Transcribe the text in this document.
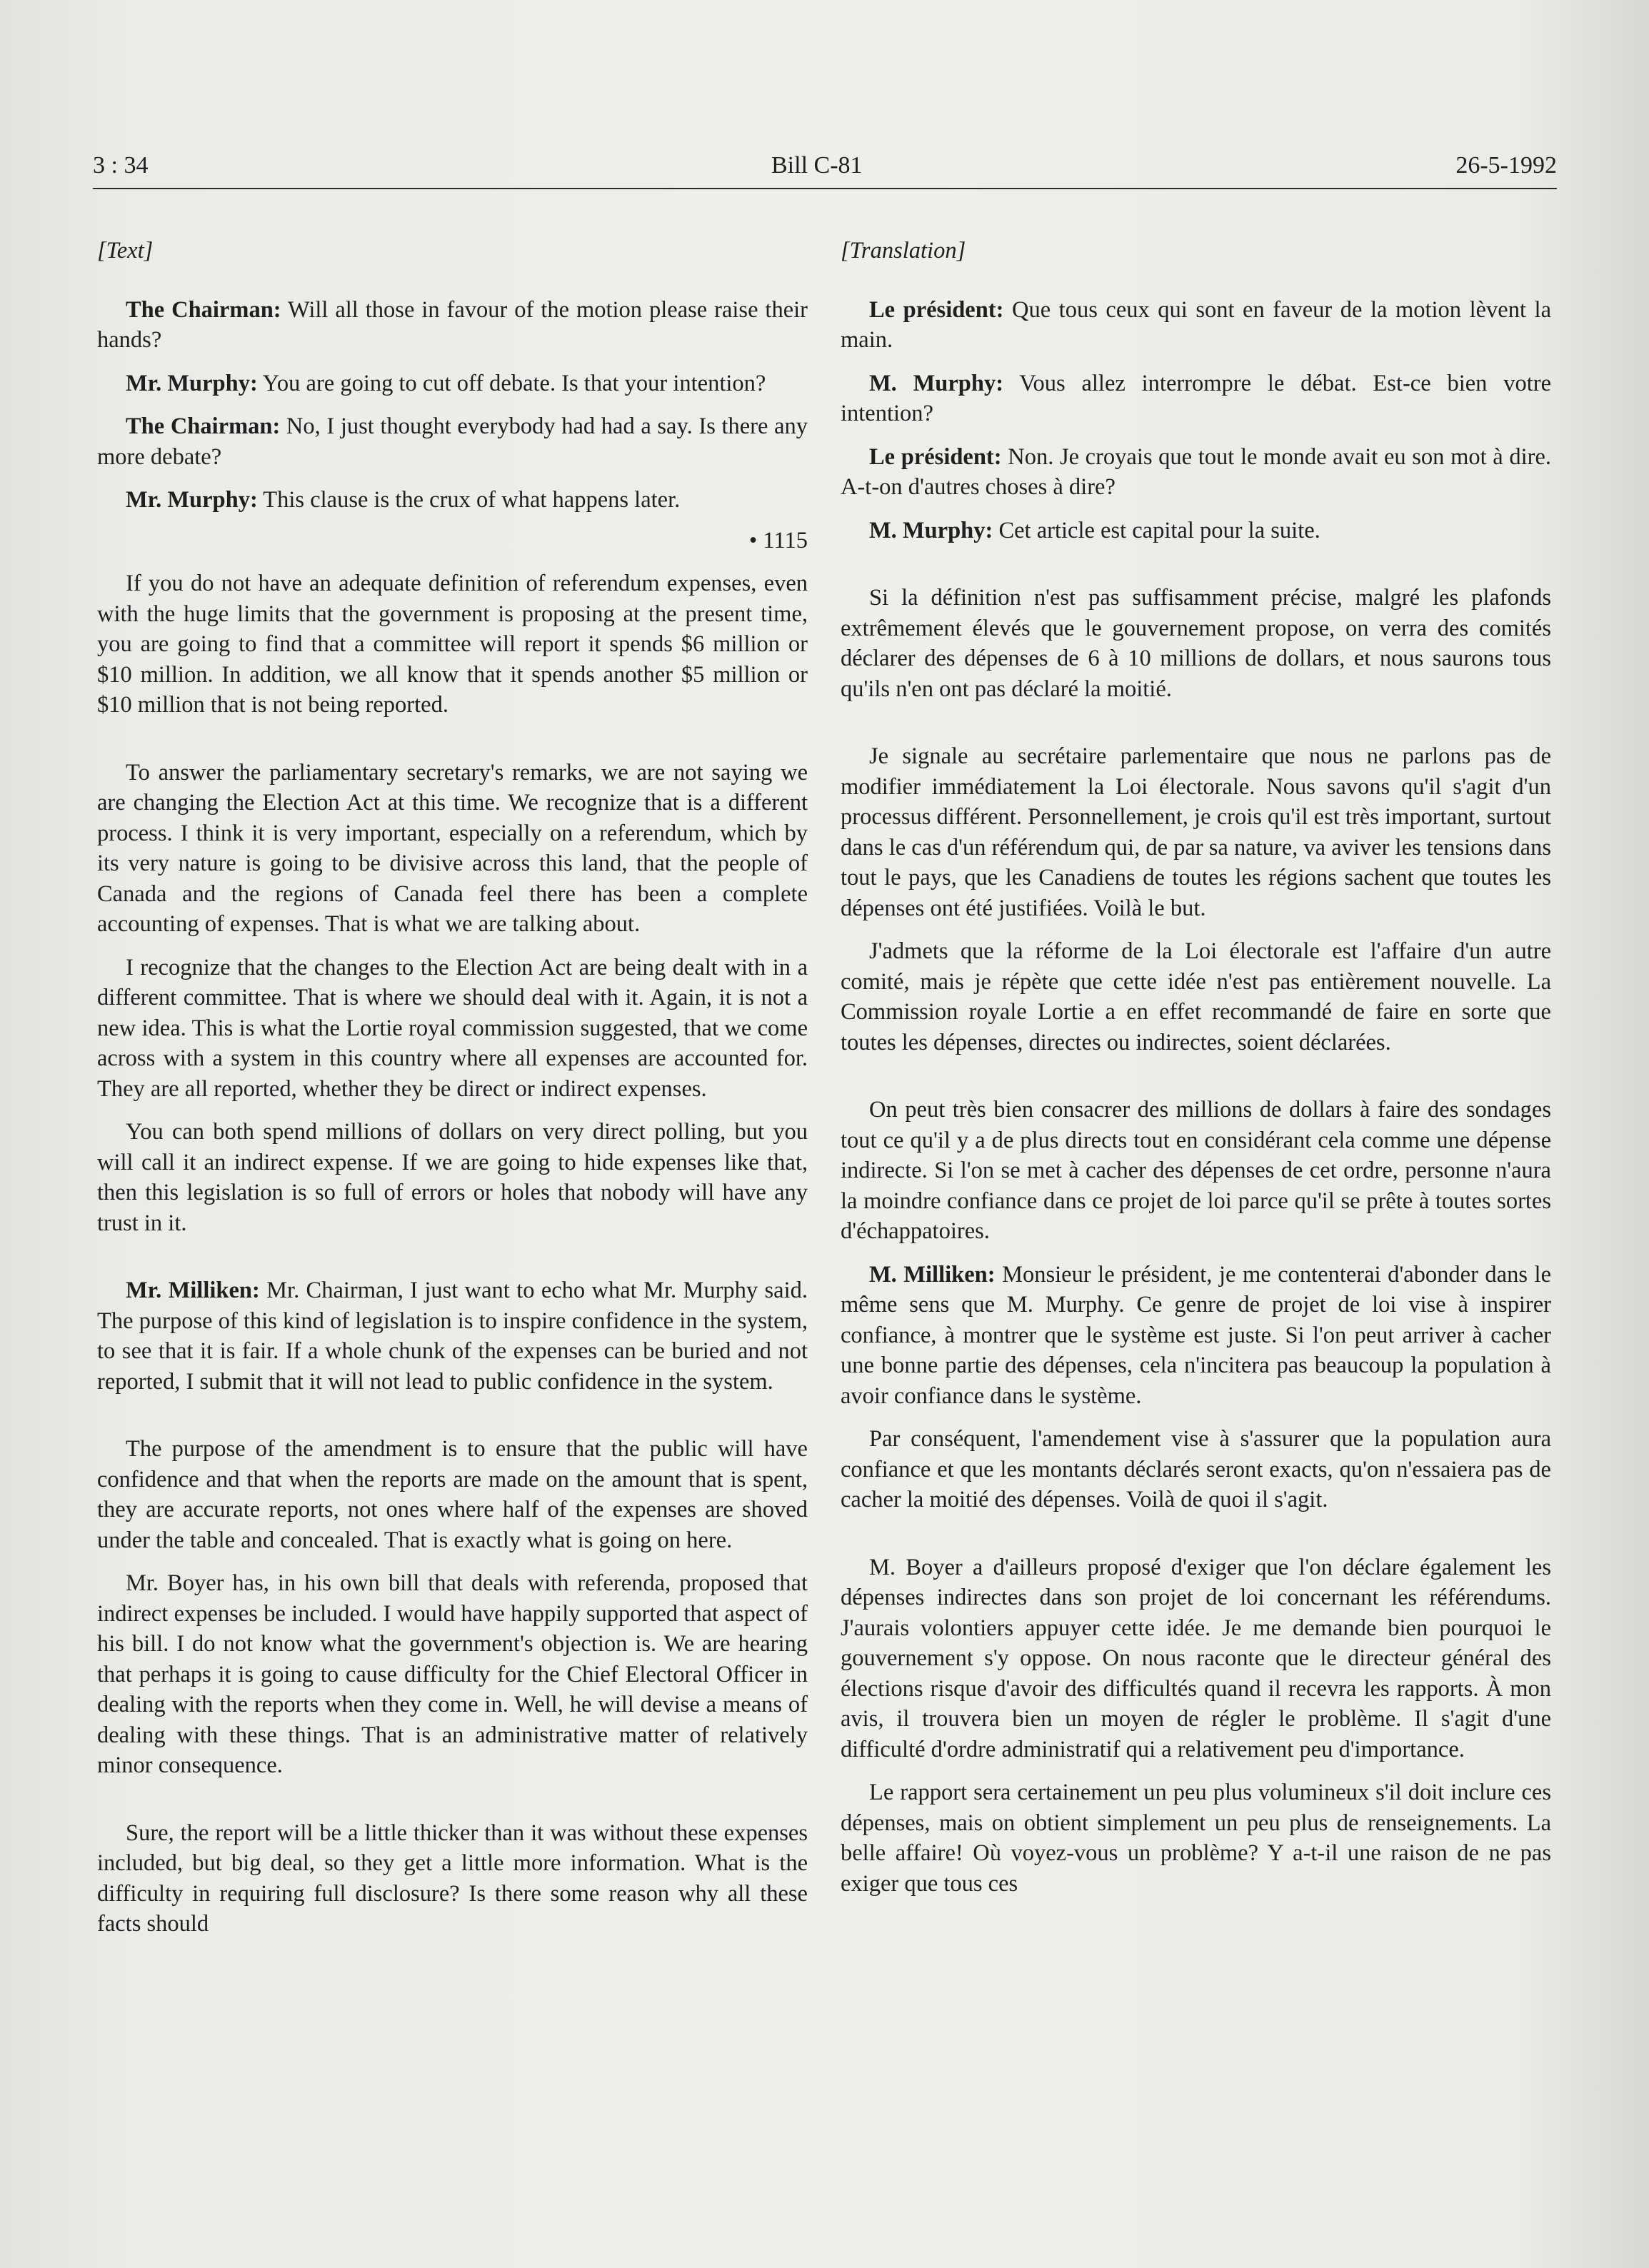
3 : 34	Bill C-81	26-5-1992
[Text]

The Chairman: Will all those in favour of the motion please raise their hands?

Mr. Murphy: You are going to cut off debate. Is that your intention?

The Chairman: No, I just thought everybody had had a say. Is there any more debate?

Mr. Murphy: This clause is the crux of what happens later.

• 1115

If you do not have an adequate definition of referendum expenses, even with the huge limits that the government is proposing at the present time, you are going to find that a committee will report it spends $6 million or $10 million. In addition, we all know that it spends another $5 million or $10 million that is not being reported.

To answer the parliamentary secretary's remarks, we are not saying we are changing the Election Act at this time. We recognize that is a different process. I think it is very important, especially on a referendum, which by its very nature is going to be divisive across this land, that the people of Canada and the regions of Canada feel there has been a complete accounting of expenses. That is what we are talking about.

I recognize that the changes to the Election Act are being dealt with in a different committee. That is where we should deal with it. Again, it is not a new idea. This is what the Lortie royal commission suggested, that we come across with a system in this country where all expenses are accounted for. They are all reported, whether they be direct or indirect expenses.

You can both spend millions of dollars on very direct polling, but you will call it an indirect expense. If we are going to hide expenses like that, then this legislation is so full of errors or holes that nobody will have any trust in it.

Mr. Milliken: Mr. Chairman, I just want to echo what Mr. Murphy said. The purpose of this kind of legislation is to inspire confidence in the system, to see that it is fair. If a whole chunk of the expenses can be buried and not reported, I submit that it will not lead to public confidence in the system.

The purpose of the amendment is to ensure that the public will have confidence and that when the reports are made on the amount that is spent, they are accurate reports, not ones where half of the expenses are shoved under the table and concealed. That is exactly what is going on here.

Mr. Boyer has, in his own bill that deals with referenda, proposed that indirect expenses be included. I would have happily supported that aspect of his bill. I do not know what the government's objection is. We are hearing that perhaps it is going to cause difficulty for the Chief Electoral Officer in dealing with the reports when they come in. Well, he will devise a means of dealing with these things. That is an administrative matter of relatively minor consequence.

Sure, the report will be a little thicker than it was without these expenses included, but big deal, so they get a little more information. What is the difficulty in requiring full disclosure? Is there some reason why all these facts should

[Translation]

Le président: Que tous ceux qui sont en faveur de la motion lèvent la main.

M. Murphy: Vous allez interrompre le débat. Est-ce bien votre intention?

Le président: Non. Je croyais que tout le monde avait eu son mot à dire. A-t-on d'autres choses à dire?

M. Murphy: Cet article est capital pour la suite.

Si la définition n'est pas suffisamment précise, malgré les plafonds extrêmement élevés que le gouvernement propose, on verra des comités déclarer des dépenses de 6 à 10 millions de dollars, et nous saurons tous qu'ils n'en ont pas déclaré la moitié.

Je signale au secrétaire parlementaire que nous ne parlons pas de modifier immédiatement la Loi électorale. Nous savons qu'il s'agit d'un processus différent. Personnellement, je crois qu'il est très important, surtout dans le cas d'un référendum qui, de par sa nature, va aviver les tensions dans tout le pays, que les Canadiens de toutes les régions sachent que toutes les dépenses ont été justifiées. Voilà le but.

J'admets que la réforme de la Loi électorale est l'affaire d'un autre comité, mais je répète que cette idée n'est pas entièrement nouvelle. La Commission royale Lortie a en effet recommandé de faire en sorte que toutes les dépenses, directes ou indirectes, soient déclarées.

On peut très bien consacrer des millions de dollars à faire des sondages tout ce qu'il y a de plus directs tout en considérant cela comme une dépense indirecte. Si l'on se met à cacher des dépenses de cet ordre, personne n'aura la moindre confiance dans ce projet de loi parce qu'il se prête à toutes sortes d'échappatoires.

M. Milliken: Monsieur le président, je me contenterai d'abonder dans le même sens que M. Murphy. Ce genre de projet de loi vise à inspirer confiance, à montrer que le système est juste. Si l'on peut arriver à cacher une bonne partie des dépenses, cela n'incitera pas beaucoup la population à avoir confiance dans le système.

Par conséquent, l'amendement vise à s'assurer que la population aura confiance et que les montants déclarés seront exacts, qu'on n'essaiera pas de cacher la moitié des dépenses. Voilà de quoi il s'agit.

M. Boyer a d'ailleurs proposé d'exiger que l'on déclare également les dépenses indirectes dans son projet de loi concernant les référendums. J'aurais volontiers appuyer cette idée. Je me demande bien pourquoi le gouvernement s'y oppose. On nous raconte que le directeur général des élections risque d'avoir des difficultés quand il recevra les rapports. À mon avis, il trouvera bien un moyen de régler le problème. Il s'agit d'une difficulté d'ordre administratif qui a relativement peu d'importance.

Le rapport sera certainement un peu plus volumineux s'il doit inclure ces dépenses, mais on obtient simplement un peu plus de renseignements. La belle affaire! Où voyez-vous un problème? Y a-t-il une raison de ne pas exiger que tous ces
